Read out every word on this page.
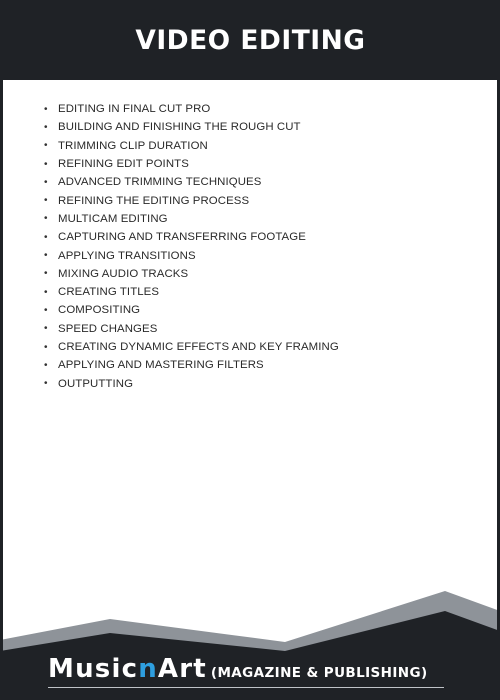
VIDEO EDITING
• EDITING IN FINAL CUT PRO
• BUILDING AND FINISHING THE ROUGH CUT
• TRIMMING CLIP DURATION
• REFINING EDIT POINTS
• ADVANCED TRIMMING TECHNIQUES
• REFINING THE EDITING PROCESS
• MULTICAM EDITING
• CAPTURING AND TRANSFERRING FOOTAGE
• APPLYING TRANSITIONS
• MIXING AUDIO TRACKS
• CREATING TITLES
• COMPOSITING
• SPEED CHANGES
• CREATING DYNAMIC EFFECTS AND KEY FRAMING
• APPLYING AND MASTERING FILTERS
• OUTPUTTING
MusicnArt (MAGAZINE & PUBLISHING)
